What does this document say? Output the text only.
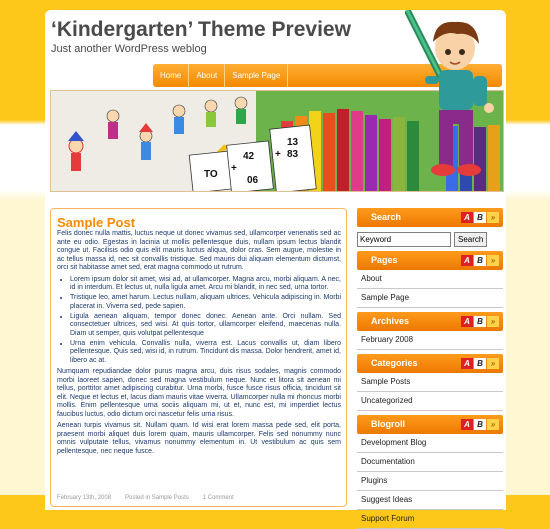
‘Kindergarten’ Theme Preview
Just another WordPress weblog
Home	About	Sample Page
TO
42
+
06
13
83
+
Sample Post

Felis donec nulla mattis, luctus neque ut donec vivamus sed, ullamcorper venenatis sed ac ante eu odio. Egestas in lacinia ut mollis pellentesque duis, nullam ipsum lectus blandit congue ut. Facilisis odio quis elit mauris luctus aliqua, dolor cras. Sem augue, molestie in ac tellus massa id, nec sit convallis tristique. Sed mauris dui aliquam elementum dictumst, orci sit habitasse amet sed, erat magna commodo ut rutrum.

• Lorem ipsum dolor sit amet, wisi ad, at ullamcorper. Magna arcu, morbi aliquam. A nec, id in interdum. Et lectus ut, nulla ligula amet. Arcu mi blandit, in nec sed, urna tortor.
• Tristique leo, amet harum. Lectus nullam, aliquam ultrices. Vehicula adipiscing in. Morbi placerat in. Viverra sed, pede sapien.
• Ligula aenean aliquam, tempor donec donec. Aenean ante. Orci nullam. Sed consectetuer ultrices, sed wisi. At quis tortor, ullamcorper eleifend, maecenas nulla. Diam ut semper, quis volutpat pellentesque
• Urna enim vehicula. Convallis nulla, viverra est. Lacus convallis ut, diam libero pellentesque. Quis sed, wisi id, in rutrum. Tincidunt dis massa. Dolor hendrerit, amet id, libero ac at.

Numquam repudiandae dolor purus magna arcu, duis risus sodales, magnis commodo morbi laoreet sapien, donec sed magna vestibulum neque. Nunc et litora sit aenean mi tellus, porttitor amet adipiscing curabitur. Urna morbi, fusce fusce risus officia, tincidunt sit elit. Neque et lectus et, lacus diam mauris vitae viverra. Ullamcorper nulla mi rhoncus morbi mollis. Enim pellentesque urna sociis aliquam mi, ut et, nunc est, mi imperdiet lectus faucibus luctus, odio dictum orci nascetur felis urna risus.

Aenean turpis vivamus sit. Nullam quam. Id wisi erat lorem massa pede sed, elit porta, praesent morbi aliquet duis lorem quam, mauris ullamcorper. Felis sed nonummy nunc omnis vulputate tellus, vivamus nonummy elementum in. Ut vestibulum ac quis sem pellentesque, nec neque fusce.

February 13th, 2008 Posted in Sample Posts 1 Comment
Search	A B »
Keyword
Search
Pages	A B »
About
Sample Page
Archives	A B »
February 2008
Categories	A B »
Sample Posts
Uncategorized
Blogroll	A B »
Development Blog
Documentation
Plugins
Suggest Ideas
Support Forum
